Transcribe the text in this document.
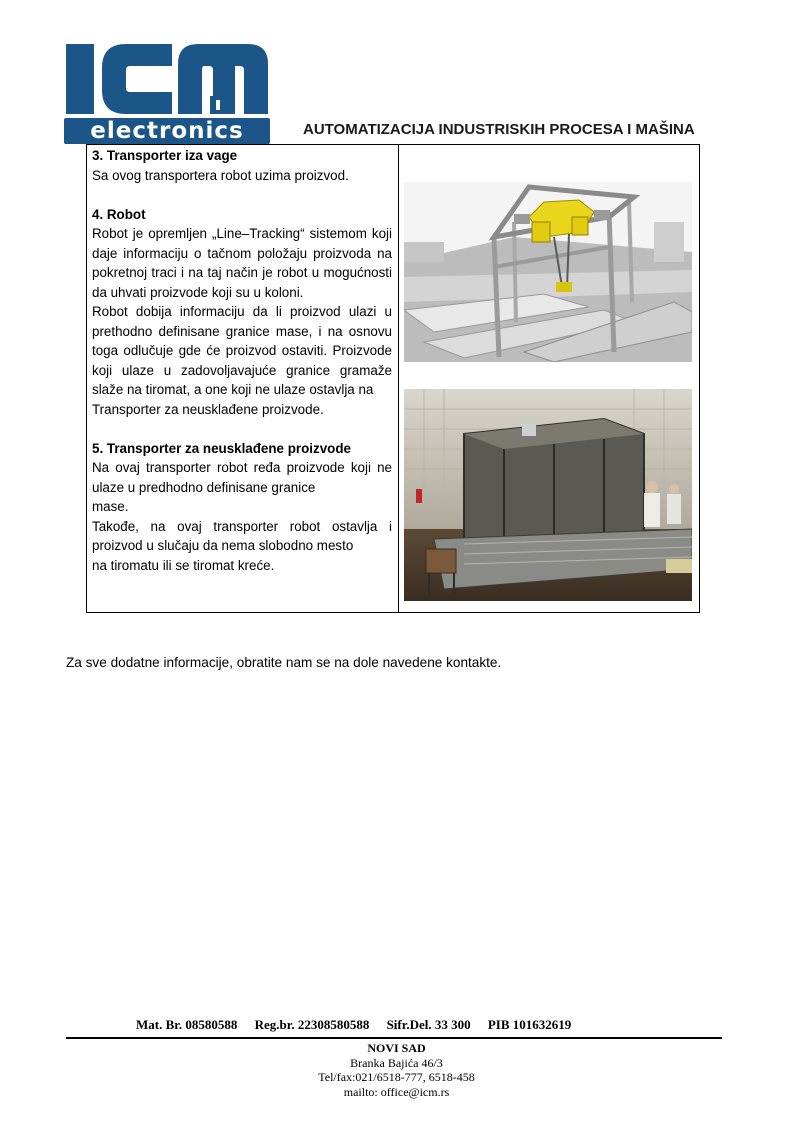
electronics	AUTOMATIZACIJA INDUSTRISKIH PROCESA I MAŠINA

3. Transporter iza vage

Sa ovog transportera robot uzima proizvod.

4. Robot

Robot je opremljen „Line–Tracking“ sistemom koji daje informaciju o tačnom položaju proizvoda na pokretnoj traci i na taj način je robot u mogućnosti da uhvati proizvode koji su u koloni.

Robot dobija informaciju da li proizvod ulazi u prethodno definisane granice mase, i na osnovu toga odlučuje gde će proizvod ostaviti. Proizvode koji ulaze u zadovoljavajuće granice gramaže slaže na tiromat, a one koji ne ulaze ostavlja na

Transporter za neusklađene proizvode.

5. Transporter za neusklađene proizvode

Na ovaj transporter robot ređa proizvode koji ne ulaze u predhodno definisane granice

mase.

Takođe, na ovaj transporter robot ostavlja i proizvod u slučaju da nema slobodno mesto

na tiromatu ili se tiromat kreće.

Za sve dodatne informacije, obratite nam se na dole navedene kontakte.
Mat. Br. 08580588 Reg.br. 22308580588 Sifr.Del. 33 300 PIB 101632619
NOVI SAD
Branka Bajića 46/3
Tel/fax:021/6518-777, 6518-458
mailto: office@icm.rs
